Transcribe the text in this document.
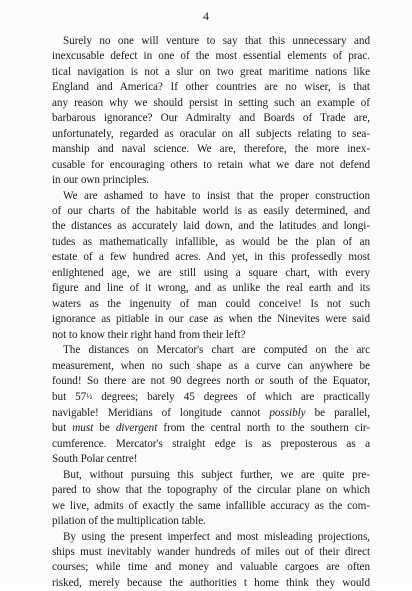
4
Surely no one will venture to say that this unnecessary and
inexcusable defect in one of the most essential elements of prac.
tical navigation is not a slur on two great maritime nations like
England and America? If other countries are no wiser, is that
any reason why we should persist in setting such an example of
barbarous ignorance? Our Admiralty and Boards of Trade are,
unfortunately, regarded as oracular on all subjects relating to sea-
manship and naval science. We are, therefore, the more inex-
cusable for encouraging others to retain what we dare not defend
in our own principles.
We are ashamed to have to insist that the proper construction
of our charts of the habitable world is as easily determined, and
the distances as accurately laid down, and the latitudes and longi-
tudes as mathematically infallible, as would be the plan of an
estate of a few hundred acres. And yet, in this professedly most
enlightened age, we are still using a square chart, with every
figure and line of it wrong, and as unlike the real earth and its
waters as the ingenuity of man could conceive! Is not such
ignorance as pitiable in our case as when the Ninevites were said
not to know their right hand from their left?
The distances on Mercator's chart are computed on the arc
measurement, when no such shape as a curve can anywhere be
found! So there are not 90 degrees north or south of the Equator,
but 57½ degrees; barely 45 degrees of which are practically
navigable! Meridians of longitude cannot possibly be parallel,
but must be divergent from the central north to the southern cir-
cumference. Mercator's straight edge is as preposterous as a
South Polar centre!
But, without pursuing this subject further, we are quite pre-
pared to show that the topography of the circular plane on which
we live, admits of exactly the same infallible accuracy as the com-
pilation of the multiplication table.
By using the present imperfect and most misleading projections,
ships must inevitably wander hundreds of miles out of their direct
courses; while time and money and valuable cargoes are often
risked, merely because the authorities t home think they would
